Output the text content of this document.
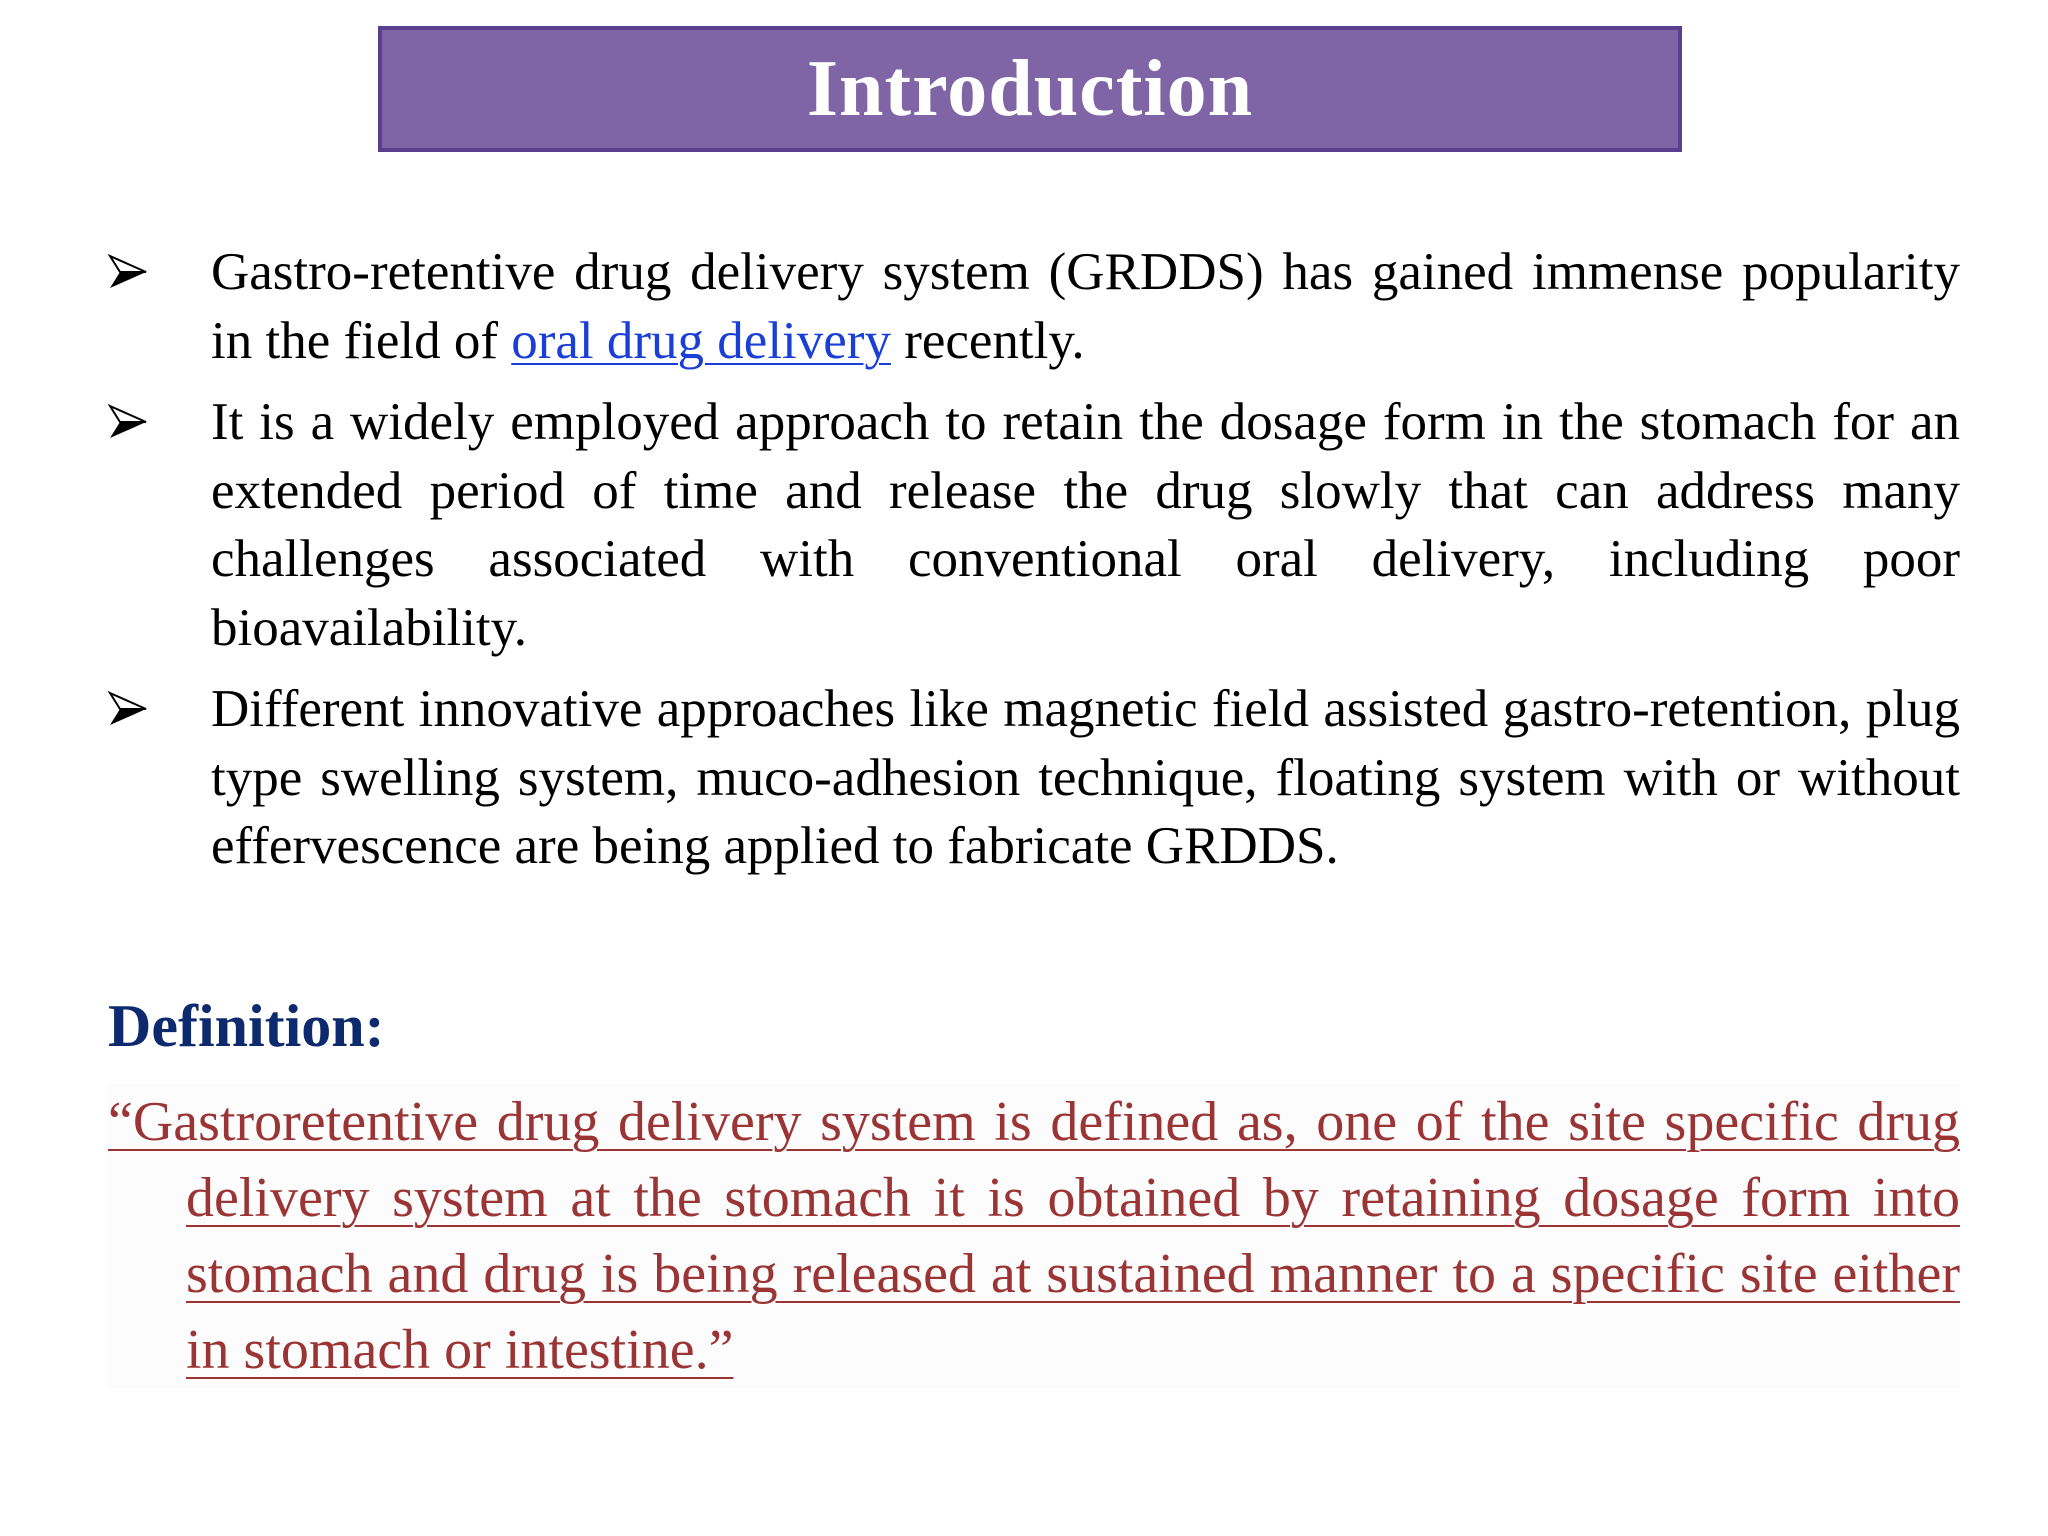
Introduction
Gastro-retentive drug delivery system (GRDDS) has gained immense popularity in the field of oral drug delivery recently.
It is a widely employed approach to retain the dosage form in the stomach for an extended period of time and release the drug slowly that can address many challenges associated with conventional oral delivery, including poor bioavailability.
Different innovative approaches like magnetic field assisted gastro-retention, plug type swelling system, muco-adhesion technique, floating system with or without effervescence are being applied to fabricate GRDDS.
Definition:

“Gastroretentive drug delivery system is defined as, one of the site specific drug delivery system at the stomach it is obtained by retaining dosage form into stomach and drug is being released at sustained manner to a specific site either in stomach or intestine.”
